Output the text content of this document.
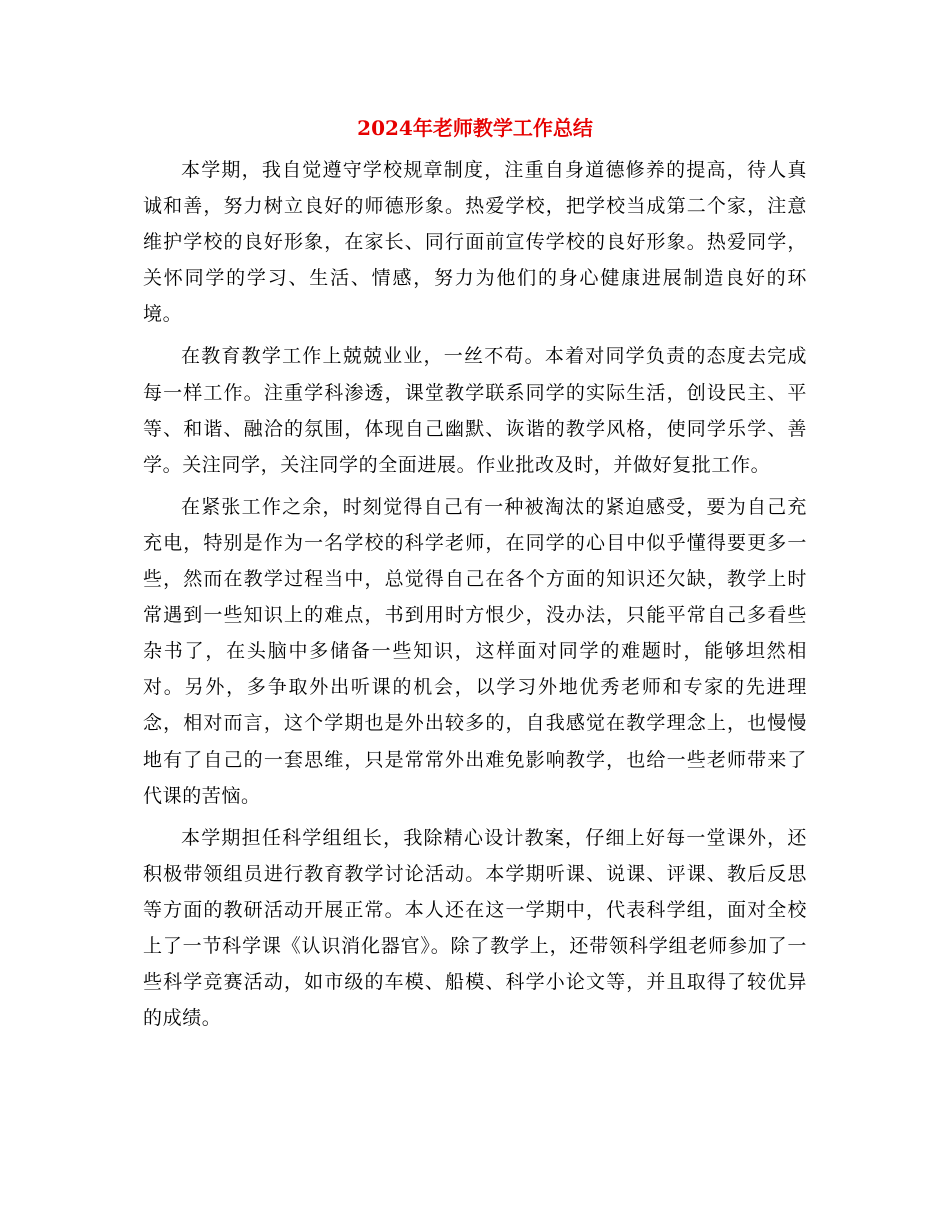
2024年老师教学工作总结

本学期，我自觉遵守学校规章制度，注重自身道德修养的提高，待人真诚和善，努力树立良好的师德形象。热爱学校，把学校当成第二个家，注意维护学校的良好形象，在家长、同行面前宣传学校的良好形象。热爱同学，关怀同学的学习、生活、情感，努力为他们的身心健康进展制造良好的环境。

在教育教学工作上兢兢业业，一丝不苟。本着对同学负责的态度去完成每一样工作。注重学科渗透，课堂教学联系同学的实际生活，创设民主、平等、和谐、融洽的氛围，体现自己幽默、诙谐的教学风格，使同学乐学、善学。关注同学，关注同学的全面进展。作业批改及时，并做好复批工作。

在紧张工作之余，时刻觉得自己有一种被淘汰的紧迫感受，要为自己充充电，特别是作为一名学校的科学老师，在同学的心目中似乎懂得要更多一些，然而在教学过程当中，总觉得自己在各个方面的知识还欠缺，教学上时常遇到一些知识上的难点，书到用时方恨少，没办法，只能平常自己多看些杂书了，在头脑中多储备一些知识，这样面对同学的难题时，能够坦然相对。另外，多争取外出听课的机会，以学习外地优秀老师和专家的先进理念，相对而言，这个学期也是外出较多的，自我感觉在教学理念上，也慢慢地有了自己的一套思维，只是常常外出难免影响教学，也给一些老师带来了代课的苦恼。

本学期担任科学组组长，我除精心设计教案，仔细上好每一堂课外，还积极带领组员进行教育教学讨论活动。本学期听课、说课、评课、教后反思等方面的教研活动开展正常。本人还在这一学期中，代表科学组，面对全校上了一节科学课《认识消化器官》。除了教学上，还带领科学组老师参加了一些科学竞赛活动，如市级的车模、船模、科学小论文等，并且取得了较优异的成绩。
